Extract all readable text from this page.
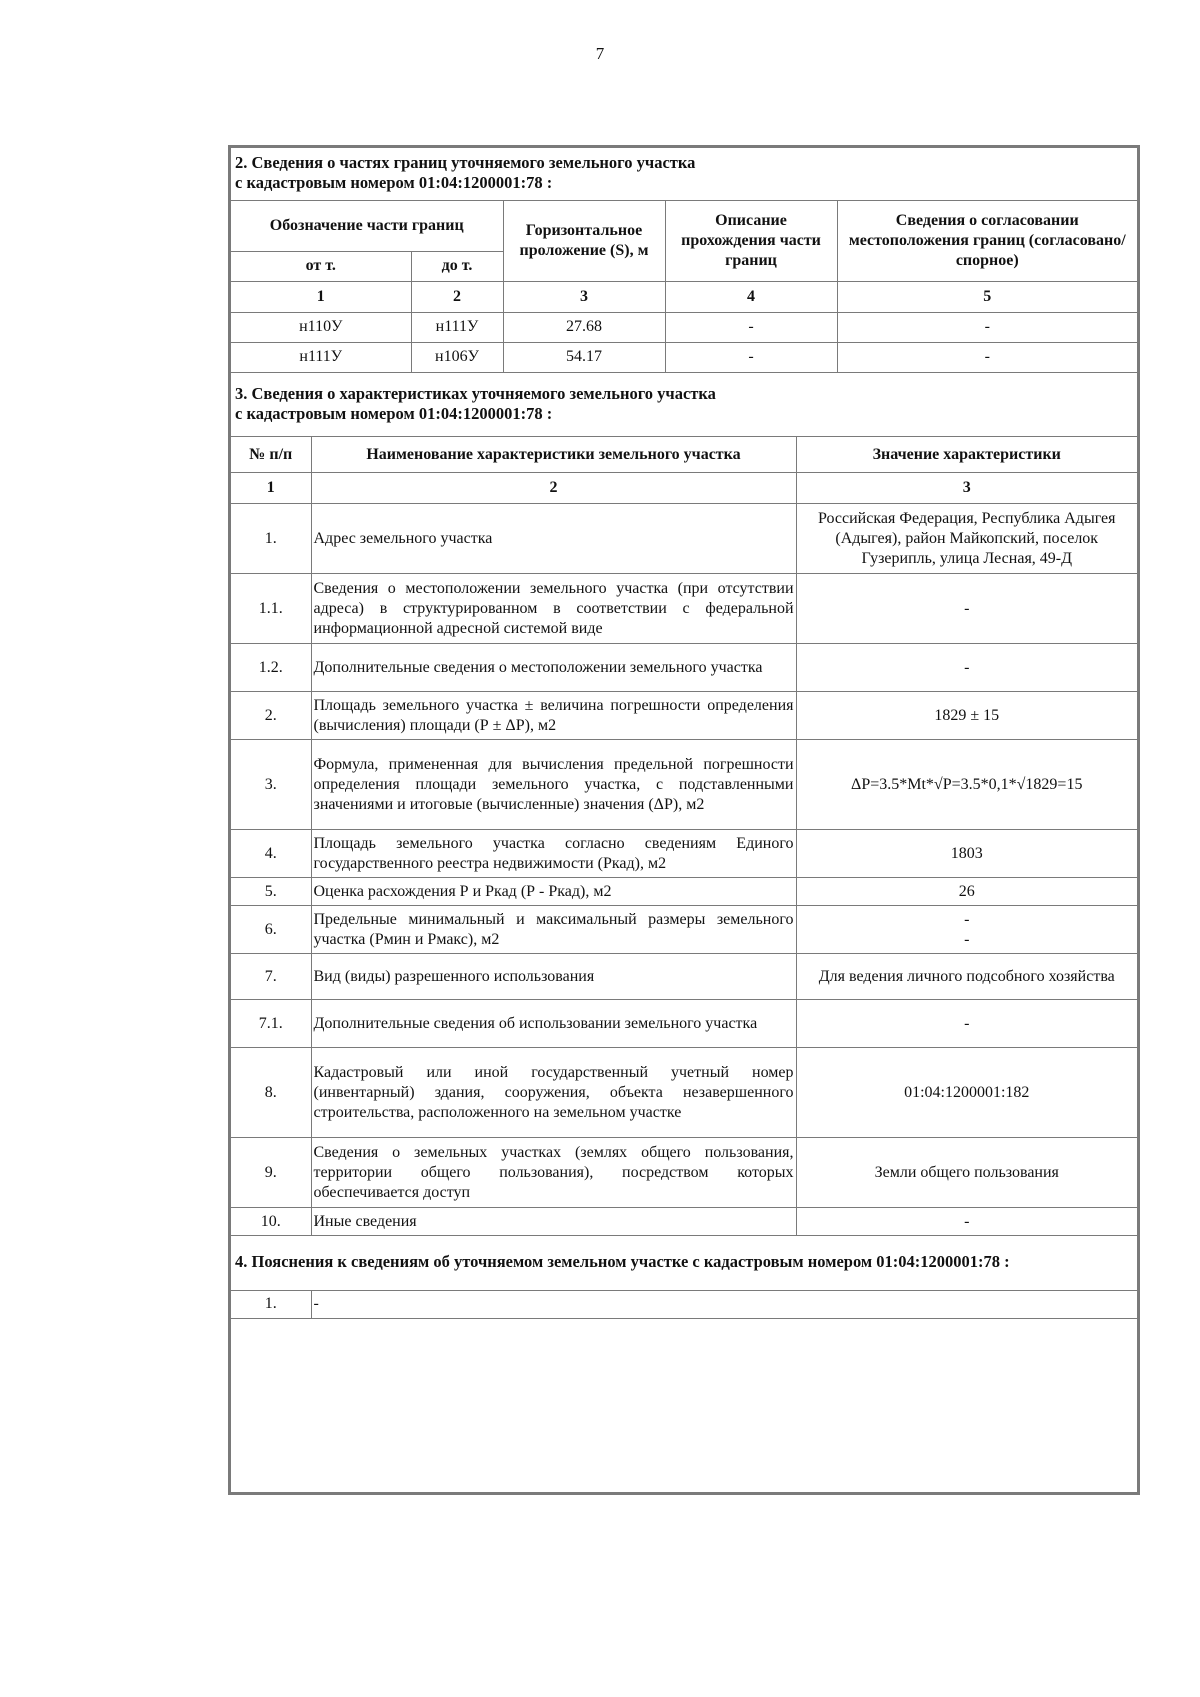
7
2. Сведения о частях границ уточняемого земельного участка
с кадастровым номером 01:04:1200001:78 :				

Обозначение части границ		Горизонтальное проложение (S), м	Описание прохождения части границ	Сведения о согласовании местоположения границ (согласовано/спорное)
от т.	до т.			
1	2	3	4	5
н110У	н111У	27.68	-	-
н111У	н106У	54.17	-	-
3. Сведения о характеристиках уточняемого земельного участка
с кадастровым номером 01:04:1200001:78 :		

№ п/п	Наименование характеристики земельного участка	Значение характеристики
1	2	3
1.	Адрес земельного участка	Российская Федерация, Республика Адыгея (Адыгея), район Майкопский, поселок Гузерипль, улица Лесная, 49-Д
1.1.	Сведения о местоположении земельного участка (при отсутствии адреса) в структурированном в соответствии с федеральной информационной адресной системой виде	-
1.2.	Дополнительные сведения о местоположении земельного участка	-
2.	Площадь земельного участка ± величина погрешности определения (вычисления) площади (Р ± ΔР), м2	1829 ± 15
3.	Формула, примененная для вычисления предельной погрешности определения площади земельного участка, с подставленными значениями и итоговые (вычисленные) значения (ΔР), м2	ΔР=3.5*Mt*√P=3.5*0,1*√1829=15
4.	Площадь земельного участка согласно сведениям Единого государственного реестра недвижимости (Ркад), м2	1803
5.	Оценка расхождения Р и Ркад (Р - Ркад), м2	26
6.	Предельные минимальный и максимальный размеры земельного участка (Рмин и Рмакс), м2	-
-

7.	Вид (виды) разрешенного использования	Для ведения личного подсобного хозяйства
7.1.	Дополнительные сведения об использовании земельного участка	-
8.	Кадастровый или иной государственный учетный номер (инвентарный) здания, сооружения, объекта незавершенного строительства, расположенного на земельном участке	01:04:1200001:182
9.	Сведения о земельных участках (землях общего пользования, территории общего пользования), посредством которых обеспечивается доступ	Земли общего пользования
10.	Иные сведения	-
4. Пояснения к сведениям об уточняемом земельном участке с кадастровым номером 01:04:1200001:78 :
1.	-
